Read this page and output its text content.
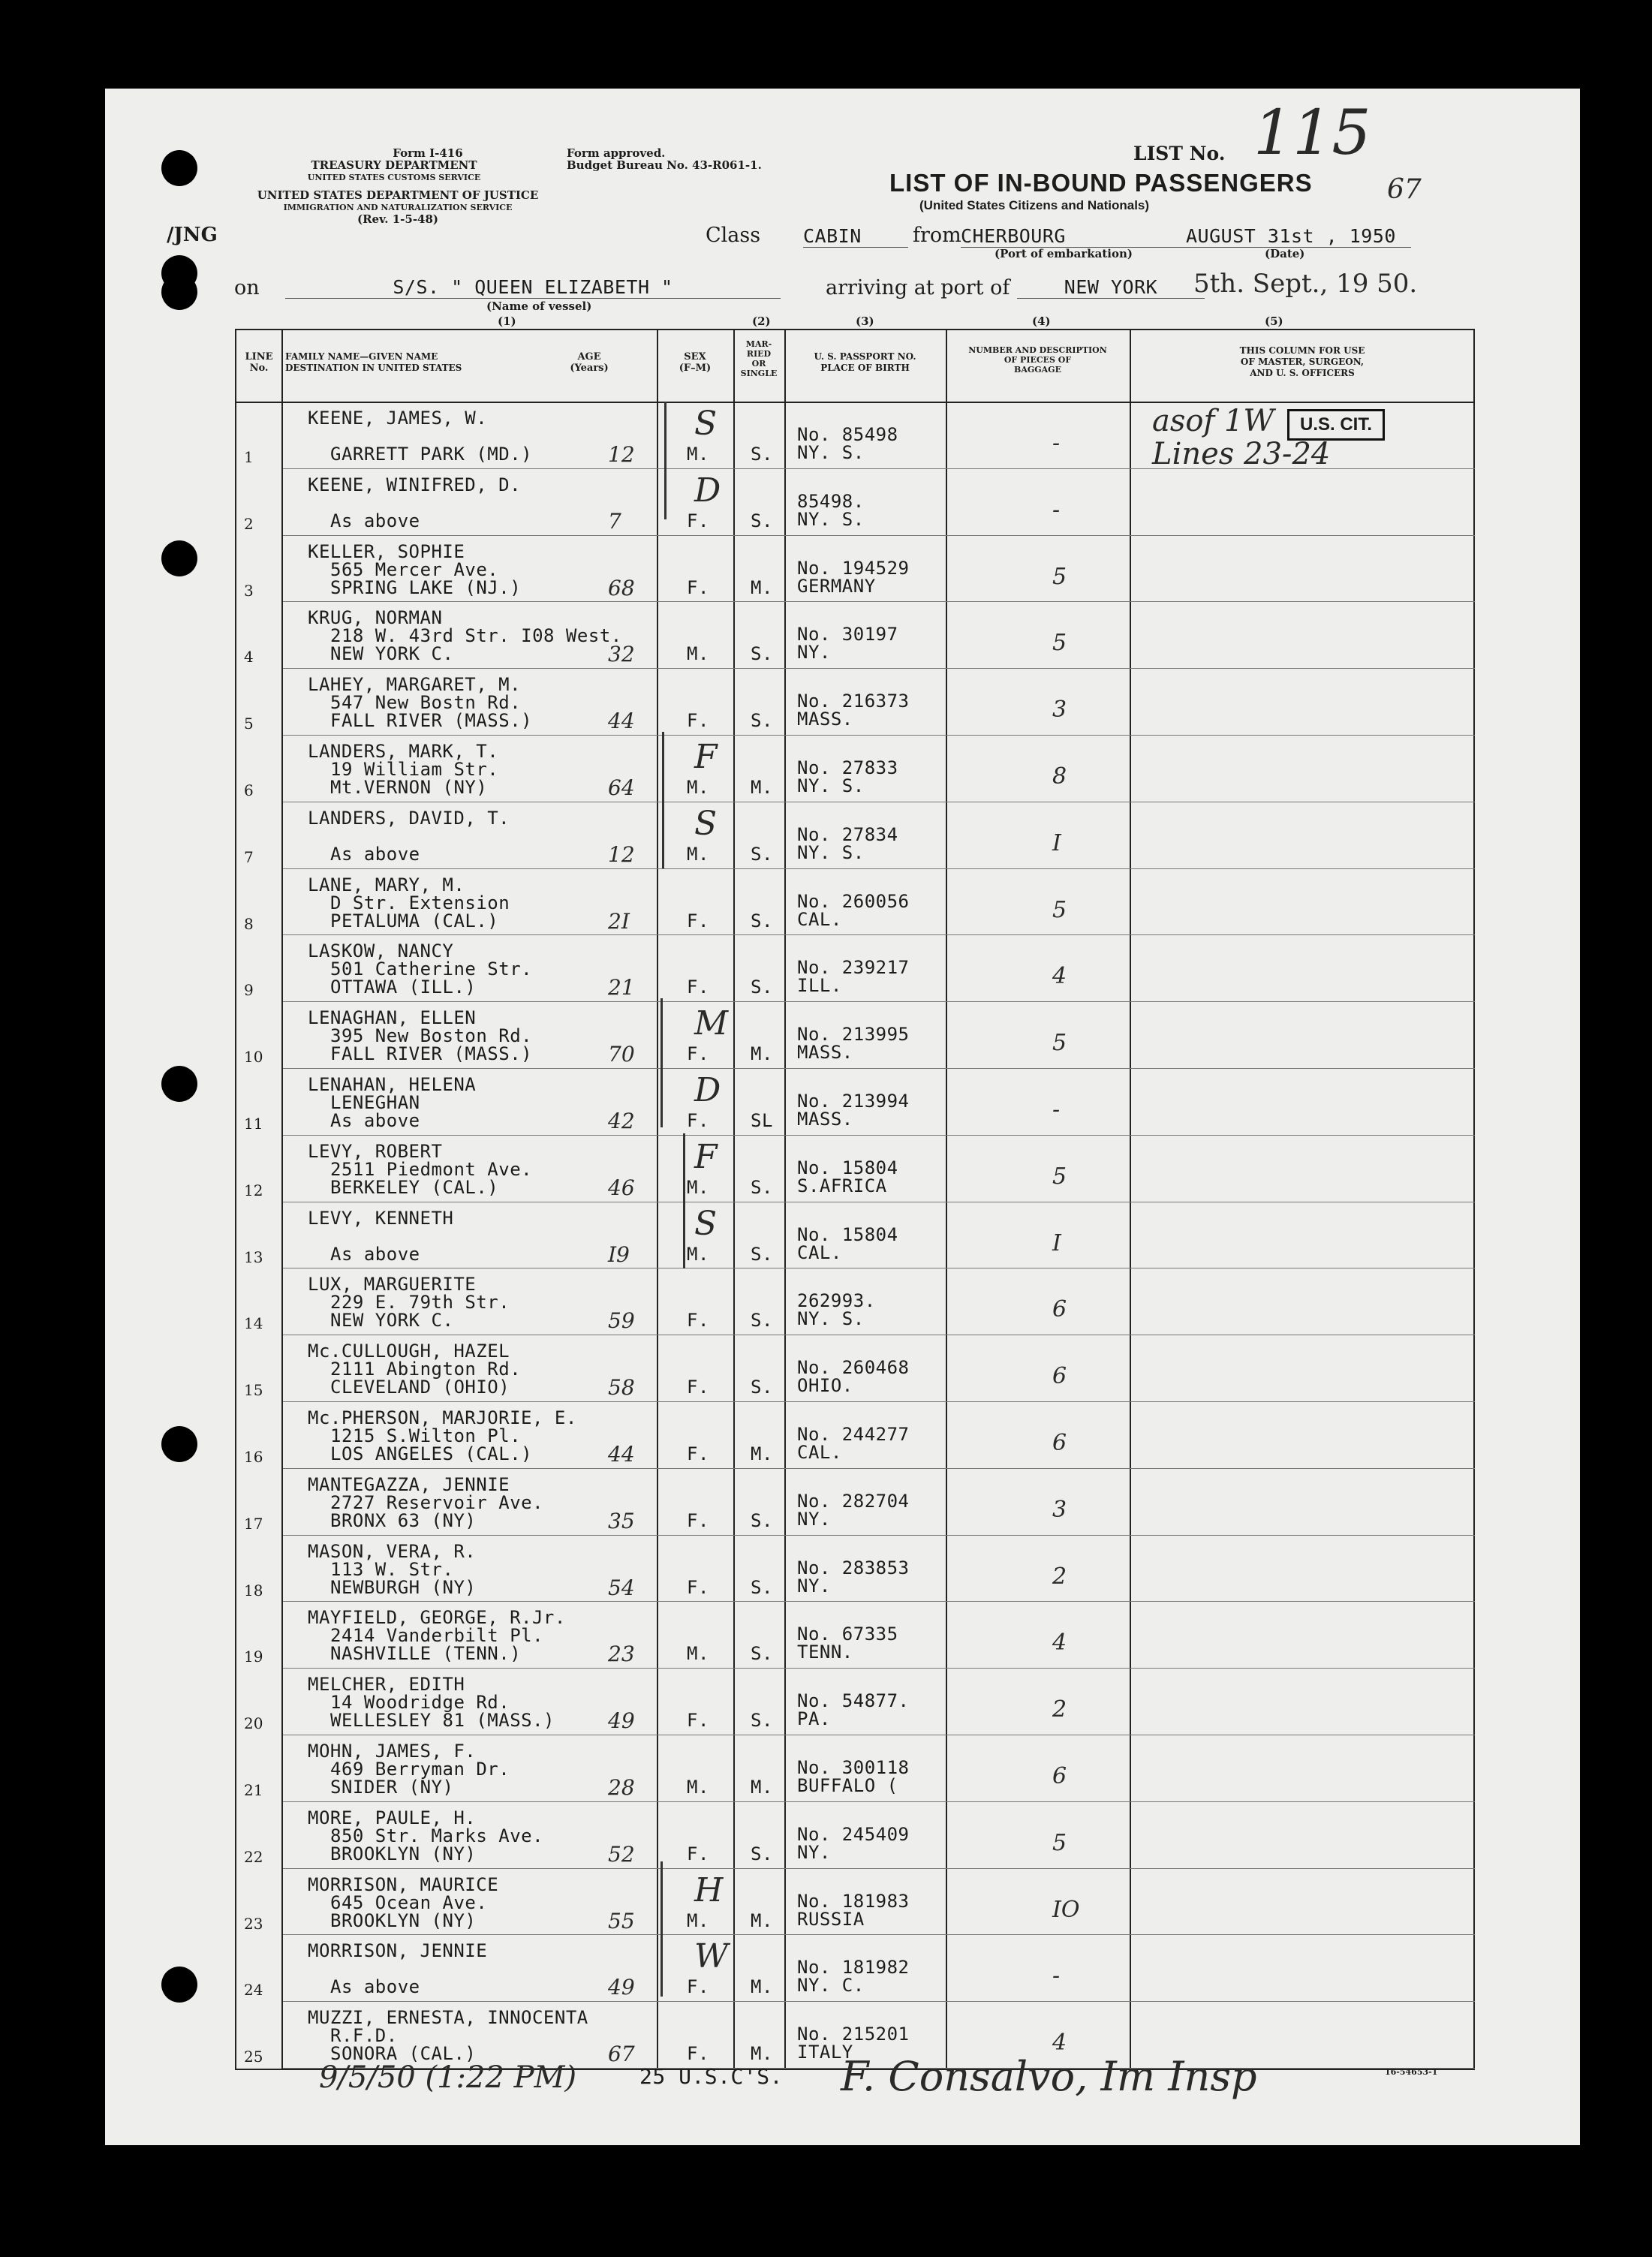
Form I-416
TREASURY DEPARTMENT
UNITED STATES CUSTOMS SERVICE
Form approved.
Budget Bureau No. 43-R061-1.
UNITED STATES DEPARTMENT OF JUSTICE
IMMIGRATION AND NATURALIZATION SERVICE
(Rev. 1-5-48)
LIST No. 115
LIST OF IN-BOUND PASSENGERS
(United States Citizens and Nationals)
67
/JNG	Class CABIN	from CHERBOURG
(Port of embarkation)
AUGUST 31st , 1950
(Date)
on	S/S. " QUEEN ELIZABETH "
(Name of vessel)
arriving at port of	NEW YORK	5th. Sept., 19 50.
(1)	(2)	(3)	(4)	(5)
LINE No.
FAMILY NAME—GIVEN NAME
DESTINATION IN UNITED STATES
AGE
(Years)
SEX
(F–M)
MAR-
RIED
OR
SINGLE
U. S. PASSPORT NO.
PLACE OF BIRTH
NUMBER AND DESCRIPTION
OF PIECES OF
BAGGAGE
THIS COLUMN FOR USE
OF MASTER, SURGEON,
AND U. S. OFFICERS
1
KEENE, JAMES, W.
GARRETT PARK (MD.)	12	M. S.
No. 85498
NY. S.	-
S
2
KEENE, WINIFRED, D.
As above	7	F. S.
85498.
NY. S.	-
D
3
KELLER, SOPHIE
565 Mercer Ave.
SPRING LAKE (NJ.)	68	F. M.
No. 194529
GERMANY	5
4
KRUG, NORMAN
218 W. 43rd Str. I08 West.
NEW YORK C.	32	M. S.
No. 30197
NY.	5
5
LAHEY, MARGARET, M.
547 New Bostn Rd.
FALL RIVER (MASS.)	44	F. S.
No. 216373
MASS.	3
6
LANDERS, MARK, T.
19 William Str.
Mt.VERNON (NY)	64	M. M.
No. 27833
NY. S.	8
F
7
LANDERS, DAVID, T.
As above	12	M. S.
No. 27834
NY. S.	I
S
8
LANE, MARY, M.
D Str. Extension
PETALUMA (CAL.)	2I	F. S.
No. 260056
CAL.	5
9
LASKOW, NANCY
501 Catherine Str.
OTTAWA (ILL.)	21	F. S.
No. 239217
ILL.	4
10
LENAGHAN, ELLEN
395 New Boston Rd.
FALL RIVER (MASS.)	70	F. M.
No. 213995
MASS.	5
M
11
LENAHAN, HELENA
LENEGHAN
As above	42	F. SL
No. 213994
MASS.	-
D
12
LEVY, ROBERT
2511 Piedmont Ave.
BERKELEY (CAL.)	46	M. S.
No. 15804
S.AFRICA	5
F
13
LEVY, KENNETH
As above	I9	M. S.
No. 15804
CAL.	I
S
14
LUX, MARGUERITE
229 E. 79th Str.
NEW YORK C.	59	F. S.
262993.
NY. S.	6
15
Mc.CULLOUGH, HAZEL
2111 Abington Rd.
CLEVELAND (OHIO)	58	F. S.
No. 260468
OHIO.	6
16
Mc.PHERSON, MARJORIE, E.
1215 S.Wilton Pl.
LOS ANGELES (CAL.)	44	F. M.
No. 244277
CAL.	6
17
MANTEGAZZA, JENNIE
2727 Reservoir Ave.
BRONX 63 (NY)	35	F. S.
No. 282704
NY.	3
18
MASON, VERA, R.
113 W. Str.
NEWBURGH (NY)	54	F. S.
No. 283853
NY.	2
19
MAYFIELD, GEORGE, R.Jr.
2414 Vanderbilt Pl.
NASHVILLE (TENN.)	23	M. S.
No. 67335
TENN.	4
20
MELCHER, EDITH
14 Woodridge Rd.
WELLESLEY 81 (MASS.)	49	F. S.
No. 54877.
PA.	2
21
MOHN, JAMES, F.
469 Berryman Dr.
SNIDER (NY)	28	M. M.
No. 300118
BUFFALO (	6
22
MORE, PAULE, H.
850 Str. Marks Ave.
BROOKLYN (NY)	52	F. S.
No. 245409
NY.	5
23
MORRISON, MAURICE
645 Ocean Ave.
BROOKLYN (NY)	55	M. M.
No. 181983
RUSSIA	IO
H
24
MORRISON, JENNIE
As above	49	F. M.
No. 181982
NY. C.	-
W
25
MUZZI, ERNESTA, INNOCENTA
R.F.D.
SONORA (CAL.)	67	F. M.
No. 215201
ITALY	4
U.S. CIT.
asof 1W
Lines 23-24
9/5/50 (1:22 PM)	25 U.S.C'S. F. Consalvo, Im Insp	16-54653-1
